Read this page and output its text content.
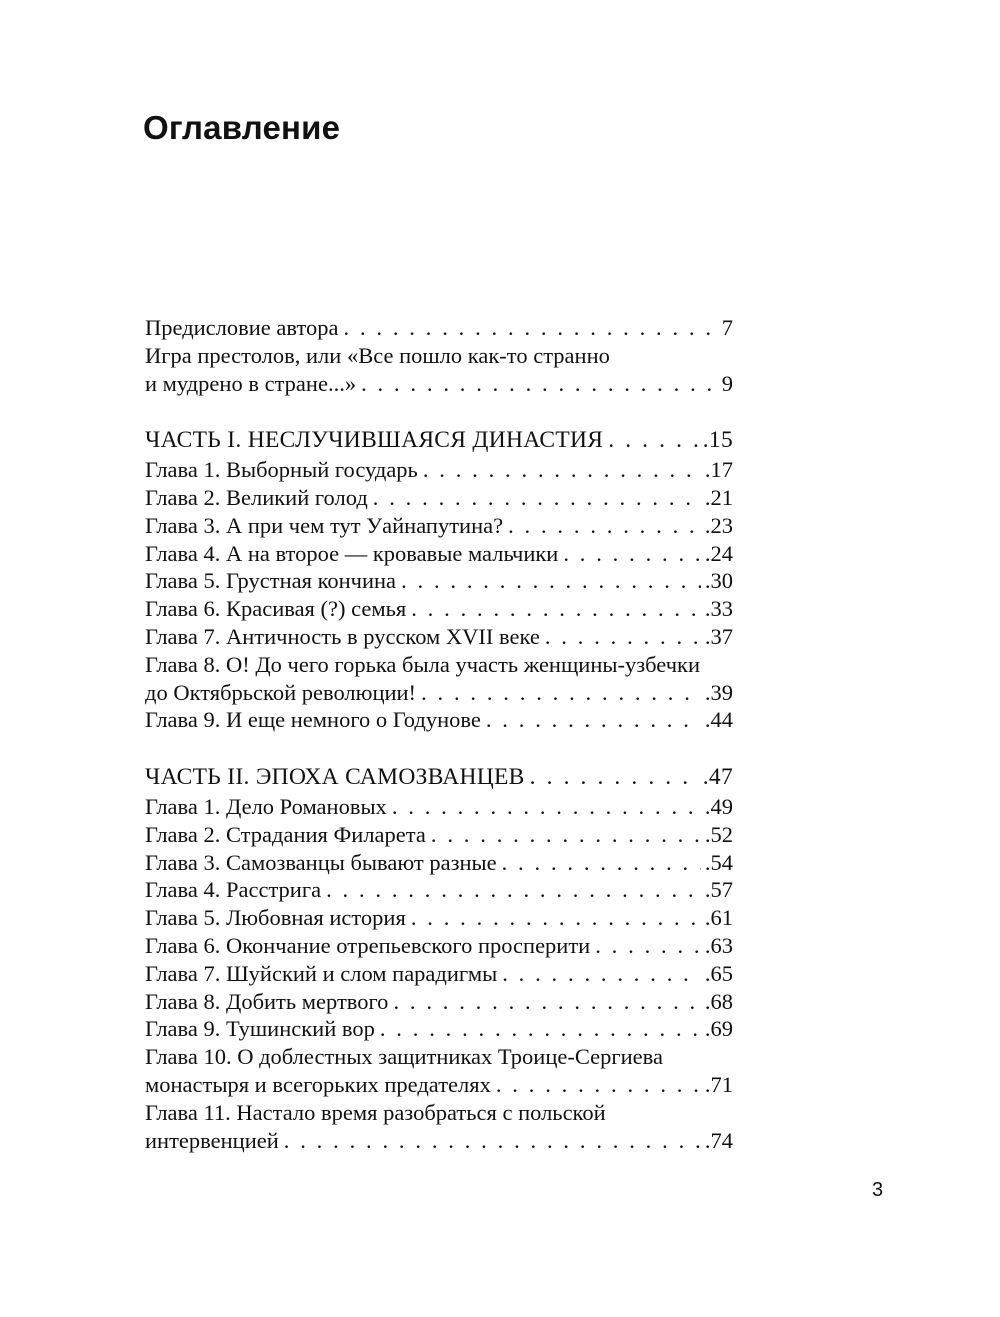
Оглавление
Предисловие автора . . .	7
Игра престолов, или «Все пошло как-то странно
и мудрено в стране...» . . .	9
ЧАСТЬ I. НЕСЛУЧИВШАЯСЯ ДИНАСТИЯ . . .	.15
Глава 1. Выборный государь . . .	.17
Глава 2. Великий голод . . .	.21
Глава 3. А при чем тут Уайнапутина? . . .	.23
Глава 4. А на второе — кровавые мальчики . . .	.24
Глава 5. Грустная кончина . . .	.30
Глава 6. Красивая (?) семья . . .	.33
Глава 7. Античность в русском XVII веке . . .	.37
Глава 8. О! До чего горька была участь женщины-узбечки
до Октябрьской революции! . . .	.39
Глава 9. И еще немного о Годунове . . .	.44
ЧАСТЬ II. ЭПОХА САМОЗВАНЦЕВ . . .	.47
Глава 1. Дело Романовых . . .	.49
Глава 2. Страдания Филарета . . .	.52
Глава 3. Самозванцы бывают разные . . .	.54
Глава 4. Расстрига . . .	.57
Глава 5. Любовная история . . .	.61
Глава 6. Окончание отрепьевского просперити . . .	.63
Глава 7. Шуйский и слом парадигмы . . .	.65
Глава 8. Добить мертвого . . .	.68
Глава 9. Тушинский вор . . .	.69
Глава 10. О доблестных защитниках Троице-Сергиева
монастыря и всегорьких предателях . . .	.71
Глава 11. Настало время разобраться с польской
интервенцией . . .	.74
3
